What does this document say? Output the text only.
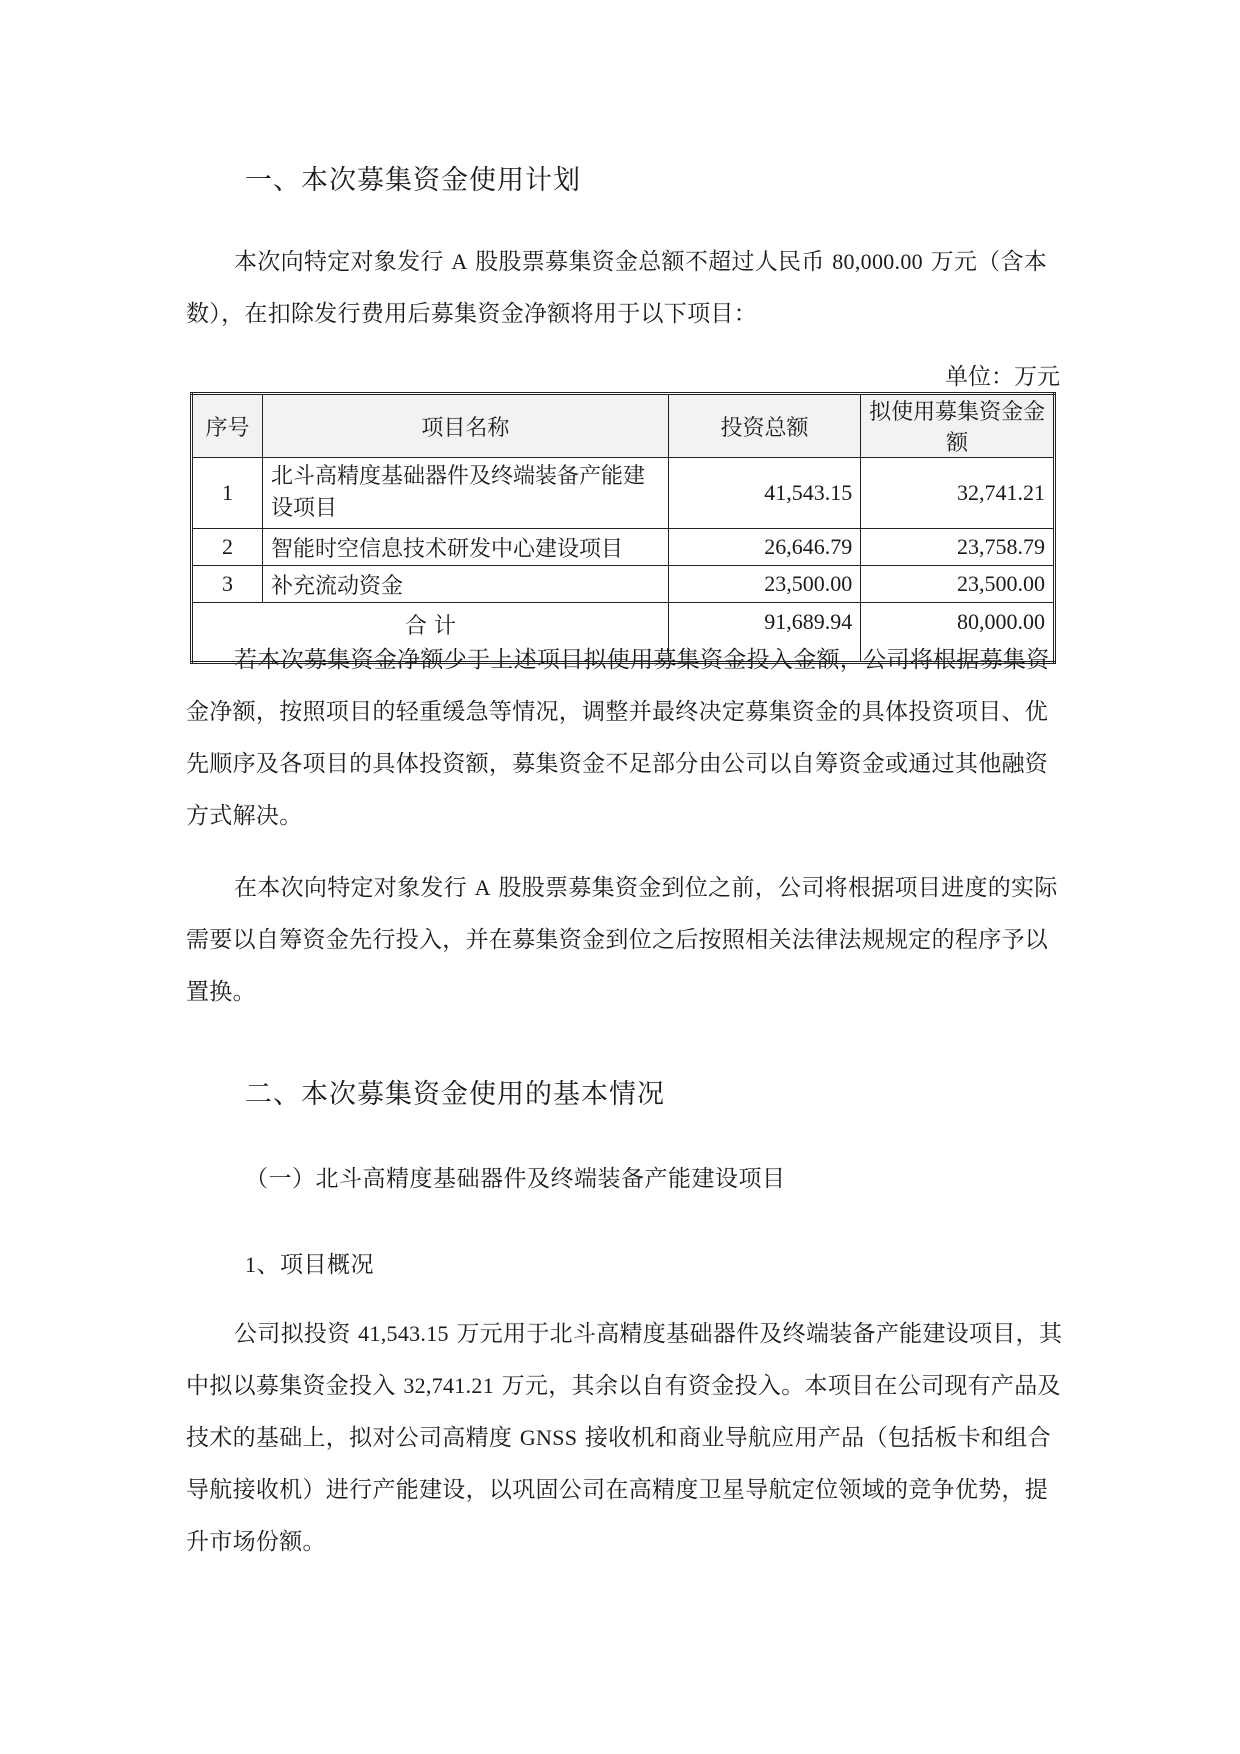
一、本次募集资金使用计划

本次向特定对象发行 A 股股票募集资金总额不超过人民币 80,000.00 万元（含本数），在扣除发行费用后募集资金净额将用于以下项目：

单位：万元
序号	项目名称	投资总额	拟使用募集资金金额
1	北斗高精度基础器件及终端装备产能建设项目	41,543.15	32,741.21
2	智能时空信息技术研发中心建设项目	26,646.79	23,758.79
3	补充流动资金	23,500.00	23,500.00
合 计		91,689.94	80,000.00

若本次募集资金净额少于上述项目拟使用募集资金投入金额，公司将根据募集资金净额，按照项目的轻重缓急等情况，调整并最终决定募集资金的具体投资项目、优先顺序及各项目的具体投资额，募集资金不足部分由公司以自筹资金或通过其他融资方式解决。

在本次向特定对象发行 A 股股票募集资金到位之前，公司将根据项目进度的实际需要以自筹资金先行投入，并在募集资金到位之后按照相关法律法规规定的程序予以置换。

二、本次募集资金使用的基本情况
（一）北斗高精度基础器件及终端装备产能建设项目
1、项目概况

公司拟投资 41,543.15 万元用于北斗高精度基础器件及终端装备产能建设项目，其中拟以募集资金投入 32,741.21 万元，其余以自有资金投入。本项目在公司现有产品及技术的基础上，拟对公司高精度 GNSS 接收机和商业导航应用产品（包括板卡和组合导航接收机）进行产能建设，以巩固公司在高精度卫星导航定位领域的竞争优势，提升市场份额。
